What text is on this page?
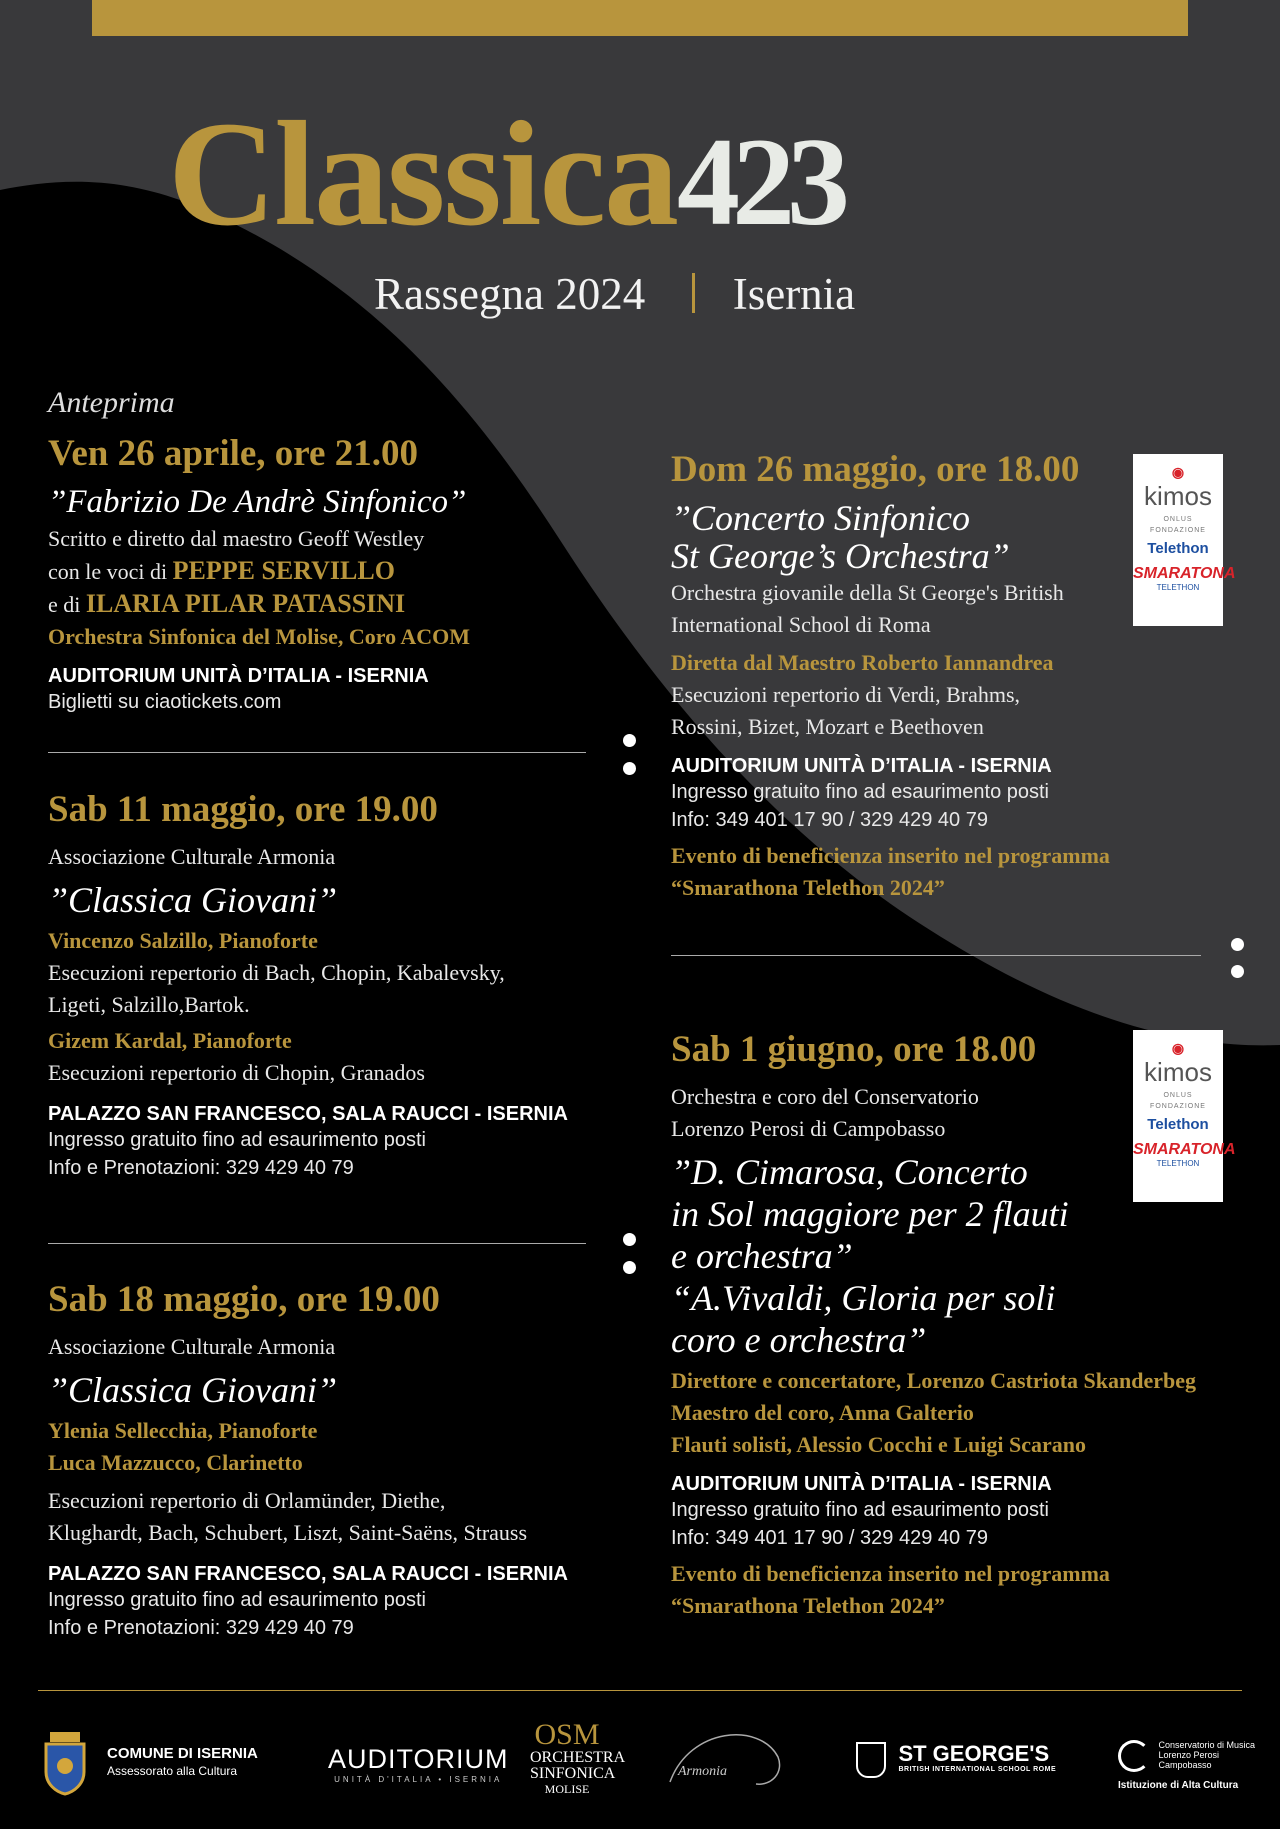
Classica423
Rassegna 2024 Isernia
Anteprima
Ven 26 aprile, ore 21.00
”Fabrizio De Andrè Sinfonico”
Scritto e diretto dal maestro Geoff Westley
con le voci di PEPPE SERVILLO
e di ILARIA PILAR PATASSINI
Orchestra Sinfonica del Molise, Coro ACOM
AUDITORIUM UNITÀ D’ITALIA - ISERNIA
Biglietti su ciaotickets.com
Sab 11 maggio, ore 19.00
Associazione Culturale Armonia
”Classica Giovani”
Vincenzo Salzillo, Pianoforte
Esecuzioni repertorio di Bach, Chopin, Kabalevsky,
Ligeti, Salzillo,Bartok.
Gizem Kardal, Pianoforte
Esecuzioni repertorio di Chopin, Granados
PALAZZO SAN FRANCESCO, SALA RAUCCI - ISERNIA
Ingresso gratuito fino ad esaurimento posti
Info e Prenotazioni: 329 429 40 79
Sab 18 maggio, ore 19.00
Associazione Culturale Armonia
”Classica Giovani”
Ylenia Sellecchia, Pianoforte
Luca Mazzucco, Clarinetto
Esecuzioni repertorio di Orlamünder, Diethe,
Klughardt, Bach, Schubert, Liszt, Saint-Saëns, Strauss
PALAZZO SAN FRANCESCO, SALA RAUCCI - ISERNIA
Ingresso gratuito fino ad esaurimento posti
Info e Prenotazioni: 329 429 40 79
Dom 26 maggio, ore 18.00
”Concerto Sinfonico
St George’s Orchestra”
Orchestra giovanile della St George's British
International School di Roma
Diretta dal Maestro Roberto Iannandrea
Esecuzioni repertorio di Verdi, Brahms,
Rossini, Bizet, Mozart e Beethoven
AUDITORIUM UNITÀ D’ITALIA - ISERNIA
Ingresso gratuito fino ad esaurimento posti
Info: 349 401 17 90 / 329 429 40 79
Evento di beneficienza inserito nel programma
“Smarathona Telethon 2024”
Sab 1 giugno, ore 18.00
Orchestra e coro del Conservatorio
Lorenzo Perosi di Campobasso
”D. Cimarosa, Concerto
in Sol maggiore per 2 flauti
e orchestra”
“A.Vivaldi, Gloria per soli
coro e orchestra”
Direttore e concertatore, Lorenzo Castriota Skanderbeg
Maestro del coro, Anna Galterio
Flauti solisti, Alessio Cocchi e Luigi Scarano
AUDITORIUM UNITÀ D’ITALIA - ISERNIA
Ingresso gratuito fino ad esaurimento posti
Info: 349 401 17 90 / 329 429 40 79
Evento di beneficienza inserito nel programma
“Smarathona Telethon 2024”
◉
kimos
ONLUS
FONDAZIONE
Telethon
SMARATONA
TELETHON
◉
kimos
ONLUS
FONDAZIONE
Telethon
SMARATONA
TELETHON
COMUNE DI ISERNIA
Assessorato alla Cultura	AUDITORIUM
UNITÀ D'ITALIA • ISERNIA
OSM
ORCHESTRA
SINFONICA
MOLISE
Armonia

ST GEORGE'S
BRITISH INTERNATIONAL SCHOOL ROME

Conservatorio di Musica
Lorenzo Perosi
Campobasso
Istituzione di Alta Cultura
